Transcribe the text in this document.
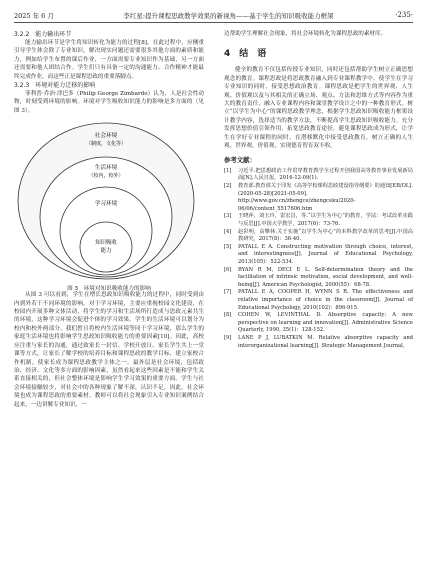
2025 年 6 月	李红星:提升课程思政教学效果的新视角——基于学生的知识吸收能力框架	·235·
3.2.2　能力输出环节

能力输出环节是学生将知识转化为能力的过程[8]。在此过程中，应侧重引导学生体会除了专业知识，解决现实问题还需要很多其他方面的素质和能力，例如给学生布置的课后作业，一方面需要专业知识作为基础，另一方面还需要和他人团结合作。学生们只有具备一定的沟通能力、合作精神才能最终完成作业，而这些正是课程思政的重要落脚点。

3.2.3　环境对能力迁移的影响

菲利普·乔治·津巴多（Philip George Zimbardo）认为，人是社会性动物，时刻受到环境的影响。环境对学生吸收知识能力的影响是多方面的（见图 3）。

社会环境
（制度，文化等）
生活环境
（校内，校外）
学习环境
知识吸收
能力
图 3　环境对知识吸收能力的影响

从图 3 可以看到，学生在增长思政知识吸收能力的过程中，同时受到由内到外若干不同环境的影响。对于学习环境，主要应重视校园文化建设，在校园内开展多种文体活动，将学生的学习和生活场所打造成与思政元素共生的环境，这种学习环境会促进个体的学习效果。学生的生活环境可以划分为校内和校外两部分。我们暂且将校内生活环境等同于学习环境，那么学生的家庭生活环境也将影响学生思政知识吸收能力的重要因素[10]。因此，高校应注重与家长的沟通，通过致家长一封信、学校开放日、家长学生共上一堂课等方式，让家长了解学校的培养目标和课程思政的教学目标，建立家校合作机制，使家长成为课程思政教学主体之一。最外层是社会环境，包括政治、经济、文化等多方面的影响因素，虽然看起来这些因素是不能和学生关系直接相关的，但社会整体环境是影响学生学习效果的重要方面。学生与社会环境接触较少，对社会中的各种现象了解不深，认识不足，因此，社会环境也成为课程思政的重要素材。教师可以将社会现象引入专业知识案例结合起来，一边讲解专业知识，一

边帮助学生理解社会现象，将社会环境转化为课程思政的素材库。

4　结　语

健全的教育不仅包括传授专业知识，同时还包括帮助学生树立正确思想观念的教育。课程思政是将思政教育融入到专业课程教学中，使学生在学习专业知识的同时，接受思想政治教育。课程思政是把学生的世界观、人生观、价值观以及与其相关的正确立场、观点、方法和思维方式等内容作为重大的教育责任，融入专业课程内容和课堂教学设计之中的一种教育形式。树立“以学生为中心”的课程思政教学理念，根据学生思政知识吸收能力框架设计教学内容，选择适当的教学方法，不断提高学生思政知识吸收能力。充分发挥思想价值引领作用，拓宽思政教育途径，避免课程思政成为形式，让学生在学好专业课程的同时，在潜移默化中接受思政教育，树立正确的人生观、世界观、价值观，实现德育智育双丰收。

参考文献：
[1]	习近平.把思想政治工作贯穿教育教学全过程开创我国高等教育事业发展新局面[N].人民日报，2016-12-09(1).
[2]	教育部.教育部关于印发《高等学校课程思政建设指导纲要》的通知[EB/OL].(2020-05-28)[2021-05-09]. http://www.gov.cn/zhengce/zhengceku/2020-06/06/content_5517606.htm
[3]	王晓萍，刘玉玲，雷宏昌，等.“以学生为中心”的教育，学法：考试改革实践与反思[J].中国大学教学，2017(6)：73-76.
[4]	赵彩明，高攀林.关于实施“以学生为中心”的本科教学改革的思考[J].中国高教研究，2017(8)：36-40.
[5]	PATALL E A. Constructing motivation through choice, interest, and interestingness[J]. Journal of Educational Psychology, 2013(105)：522-534.
[6]	RYAN R M, DECI E L. Self-determination theory and the facilitation of intrinsic motivation, social development, and well-being[J]. American Psychologist, 2000(55)：68-78.
[7]	PATALL E A, COOPER H, WYNN S R. The effectiveness and relative importance of choice in the classroom[J]. Journal of Educational Psychology, 2010(102)：896-915.
[8]	COHEN W, LEVINTHAL D. Absorptive capacity: A new perspective on learning and innovation[J]. Administrative Science Quarterly, 1990, 35(1)：128-152.
[9]	LANE P J, LUBATKIN M. Relative absorptive capacity and interorganizational learning[J]. Strategic Management Journal,
